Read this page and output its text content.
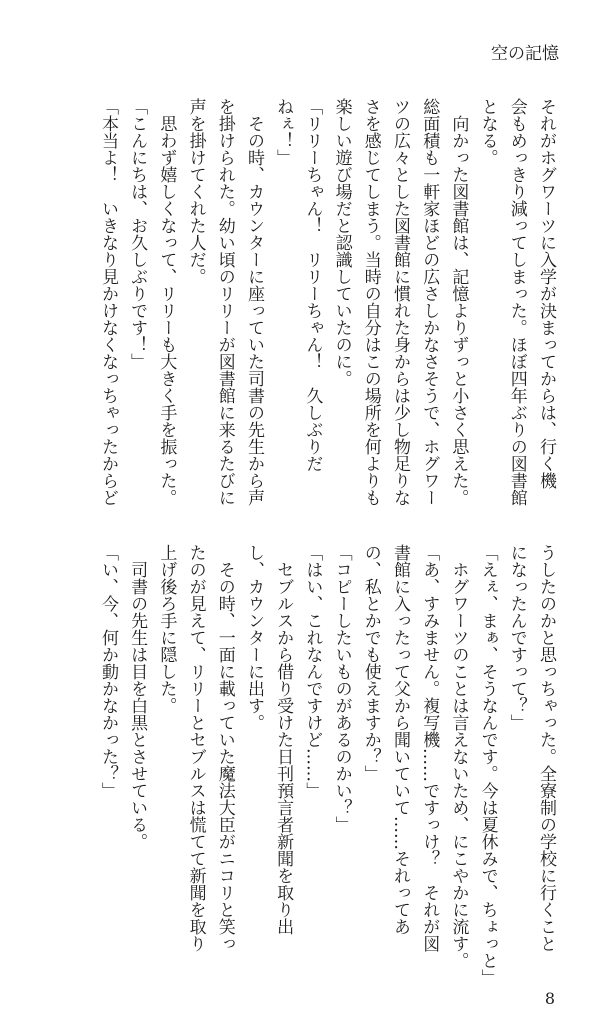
空の記憶
それがホグワーツに入学が決まってからは、行く機
会もめっきり減ってしまった。ほぼ四年ぶりの図書館
となる。
　向かった図書館は、記憶よりずっと小さく思えた。
総面積も一軒家ほどの広さしかなさそうで、ホグワー
ツの広々とした図書館に慣れた身からは少し物足りな
さを感じてしまう。当時の自分はこの場所を何よりも
楽しい遊び場だと認識していたのに。
「リリーちゃん！　リリーちゃん！　久しぶりだ
ねぇ！」
　その時、カウンターに座っていた司書の先生から声
を掛けられた。幼い頃のリリーが図書館に来るたびに
声を掛けてくれた人だ。
　思わず嬉しくなって、リリーも大きく手を振った。
「こんにちは、お久しぶりです！」
「本当よ！　いきなり見かけなくなっちゃったからど
うしたのかと思っちゃった。全寮制の学校に行くこと
になったんですって？」
「えぇ、まぁ、そうなんです。今は夏休みで、ちょっと」
　ホグワーツのことは言えないため、にこやかに流す。
「あ、すみません。複写機……ですっけ？　それが図
書館に入ったって父から聞いていて……それってあ
の、私とかでも使えますか？」
「コピーしたいものがあるのかい？」
「はい、これなんですけど……」
　セブルスから借り受けた日刊預言者新聞を取り出
し、カウンターに出す。
　その時、一面に載っていた魔法大臣がニコリと笑っ
たのが見えて、リリーとセブルスは慌てて新聞を取り
上げ後ろ手に隠した。
　司書の先生は目を白黒とさせている。
「い、今、何か動かなかった？」
8
